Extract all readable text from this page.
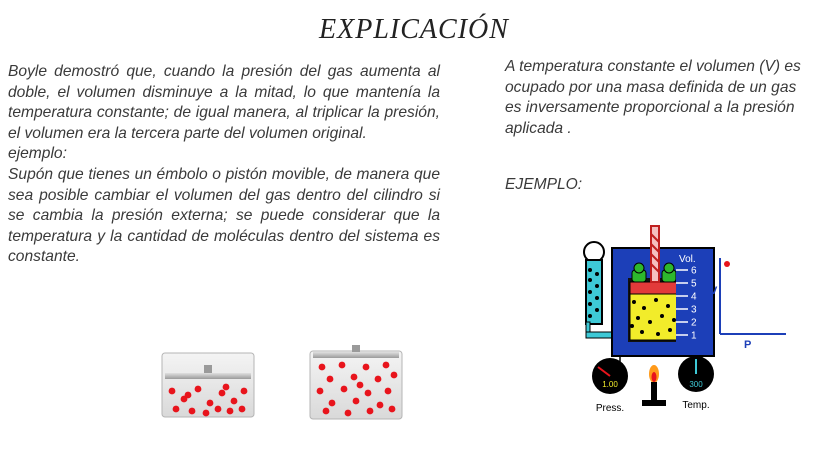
EXPLICACIÓN

Boyle demostró que, cuando la presión del gas aumenta al doble, el volumen disminuye a la mitad, lo que mantenía la temperatura constante; de igual manera, al triplicar la presión, el volumen era la tercera parte del volumen original.

ejemplo:

Supón que tienes un émbolo o pistón movible, de manera que sea posible cambiar el volumen del gas dentro del cilindro si se cambia la presión externa; se puede considerar que la temperatura y la cantidad de moléculas dentro del sistema es constante.

A temperatura constante el volumen (V) es ocupado por una masa definida de un gas es inversamente proporcional a la presión aplicada .

EJEMPLO:
Vol.
6
5
4
3
2
1
1.00
Press.
300
Temp.
V
P
